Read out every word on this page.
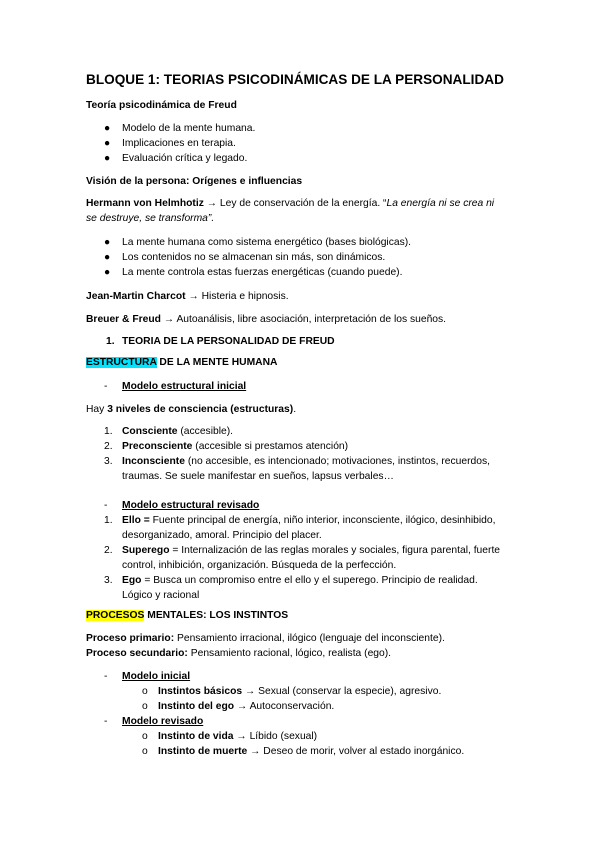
BLOQUE 1: TEORIAS PSICODINÁMICAS DE LA PERSONALIDAD
Teoría psicodinámica de Freud
● Modelo de la mente humana.
● Implicaciones en terapia.
● Evaluación crítica y legado.
Visión de la persona: Orígenes e influencias
Hermann von Helmhotiz → Ley de conservación de la energía. “La energía ni se crea ni
se destruye, se transforma”.
● La mente humana como sistema energético (bases biológicas).
● Los contenidos no se almacenan sin más, son dinámicos.
● La mente controla estas fuerzas energéticas (cuando puede).
Jean-Martin Charcot → Histeria e hipnosis.
Breuer & Freud → Autoanálisis, libre asociación, interpretación de los sueños.
1. TEORIA DE LA PERSONALIDAD DE FREUD
ESTRUCTURA DE LA MENTE HUMANA
- Modelo estructural inicial
Hay 3 niveles de consciencia (estructuras).
1. Consciente (accesible).
2. Preconsciente (accesible si prestamos atención)
3. Inconsciente (no accesible, es intencionado; motivaciones, instintos, recuerdos,
traumas. Se suele manifestar en sueños, lapsus verbales…
- Modelo estructural revisado
1. Ello = Fuente principal de energía, niño interior, inconsciente, ilógico, desinhibido,
desorganizado, amoral. Principio del placer.
2. Superego = Internalización de las reglas morales y sociales, figura parental, fuerte
control, inhibición, organización. Búsqueda de la perfección.
3. Ego = Busca un compromiso entre el ello y el superego. Principio de realidad.
Lógico y racional
PROCESOS MENTALES: LOS INSTINTOS
Proceso primario: Pensamiento irracional, ilógico (lenguaje del inconsciente).
Proceso secundario: Pensamiento racional, lógico, realista (ego).
- Modelo inicial
o Instintos básicos → Sexual (conservar la especie), agresivo.
o Instinto del ego → Autoconservación.
- Modelo revisado
o Instinto de vida → Líbido (sexual)
o Instinto de muerte → Deseo de morir, volver al estado inorgánico.
